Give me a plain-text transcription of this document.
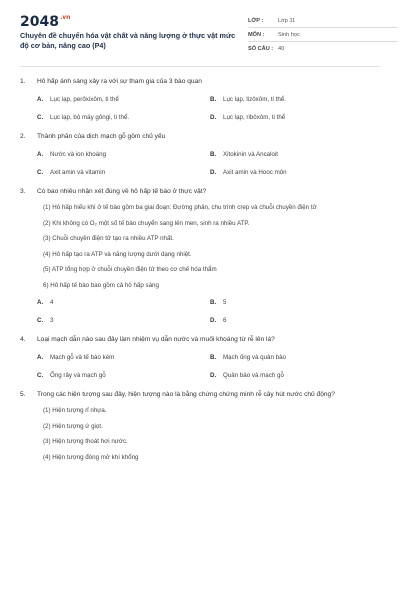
$2048^{.vn}$
Chuyên đề chuyển hóa vật chất và năng lượng ở thực vật mức độ cơ bản, nâng cao (P4)
LỚP :	Lớp 11
MÔN :	Sinh học
SỐ CÂU : 40
1.	Hô hấp ánh sáng xảy ra với sự tham gia của 3 bào quan
A.	Lục lạp, perôxixôm, ti thể	B.	Lục lạp, lizôxôm, ti thể.
C.	Lục lạp, bộ máy gôngi, ti thể.	D.	Lục lạp, ribôxôm, ti thể
2.	Thành phần của dịch mạch gỗ gồm chủ yếu
A.	Nước và ion khoáng	B.	Xitokinin và Ancaloit
C.	Axit amin và vitamin	D.	Axit amin và Hooc môn
3.	Có bao nhiêu nhận xét đúng về hô hấp tế bào ở thực vật?
(1) Hô hấp hiếu khí ở tế bào gồm ba giai đoạn: Đường phân, chu trình crep và chuỗi chuyền điện tử
(2) Khi không có O₂ một số tế bào chuyển sang lên men, sinh ra nhiều ATP.
(3) Chuỗi chuyền điện tử tạo ra nhiều ATP nhất.
(4) Hô hấp tạo ra ATP và năng lượng dưới dạng nhiệt.
(5) ATP tổng hợp ở chuỗi chuyền điện tử theo cơ chế hóa thẩm
6) Hô hấp tế bào bao gồm cả hô hấp sáng
A.	4	B.	5
C.	3	D.	6
4.	Loại mạch dẫn nào sau đây làm nhiệm vụ dẫn nước và muối khoáng từ rễ lên lá?
A.	Mạch gỗ và tế bào kèm	B.	Mạch ống và quản bào
C.	Ống rây và mạch gỗ	D.	Quản bào và mạch gỗ
5.	Trong các hiện tượng sau đây, hiện tượng nào là bằng chứng chứng minh rễ cây hút nước chủ động?
(1) Hiện tượng rỉ nhựa.
(2) Hiện tượng ứ giọt.
(3) Hiện tượng thoát hơi nước.
(4) Hiện tượng đóng mở khí khổng
